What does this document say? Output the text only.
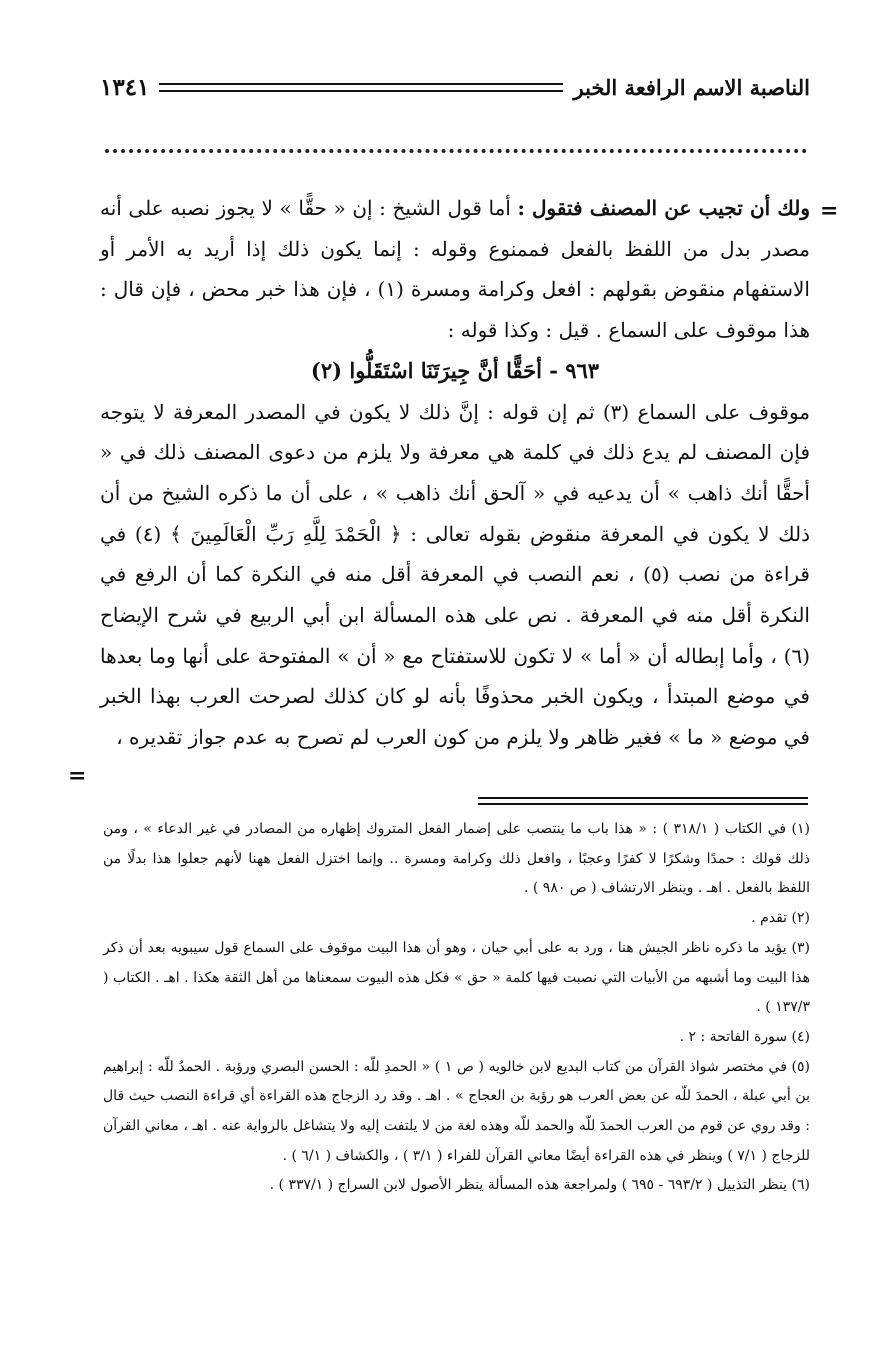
الناصبة الاسم الرافعة الخبر
١٣٤١
=

ولك أن تجيب عن المصنف فتقول : أما قول الشيخ : إن « حقًّا » لا يجوز نصبه على أنه مصدر بدل من اللفظ بالفعل فممنوع وقوله : إنما يكون ذلك إذا أريد به الأمر أو الاستفهام منقوض بقولهم : افعل وكرامة ومسرة (١) ، فإن هذا خبر محض ، فإن قال : هذا موقوف على السماع . قيل : وكذا قوله :

٩٦٣ - أحَقًّا أنَّ جِيرَتَنَا اسْتَقَلُّوا (٢)

موقوف على السماع (٣) ثم إن قوله : إنَّ ذلك لا يكون في المصدر المعرفة لا يتوجه فإن المصنف لم يدع ذلك في كلمة هي معرفة ولا يلزم من دعوى المصنف ذلك في « أحقًّا أنك ذاهب » أن يدعيه في « آلحق أنك ذاهب » ، على أن ما ذكره الشيخ من أن ذلك لا يكون في المعرفة منقوض بقوله تعالى : ﴿ الْحَمْدَ لِلَّهِ رَبِّ الْعَالَمِينَ ﴾ (٤) في قراءة من نصب (٥) ، نعم النصب في المعرفة أقل منه في النكرة كما أن الرفع في النكرة أقل منه في المعرفة . نص على هذه المسألة ابن أبي الربيع في شرح الإيضاح (٦) ، وأما إبطاله أن « أما » لا تكون للاستفتاح مع « أن » المفتوحة على أنها وما بعدها في موضع المبتدأ ، ويكون الخبر محذوفًا بأنه لو كان كذلك لصرحت العرب بهذا الخبر في موضع « ما » فغير ظاهر ولا يلزم من كون العرب لم تصرح به عدم جواز تقديره ،

=

(١) في الكتاب ( ٣١٨/١ ) : « هذا باب ما ينتصب على إضمار الفعل المتروك إظهاره من المصادر في غير الدعاء » ، ومن ذلك قولك : حمدًا وشكرًا لا كفرًا وعجبًا ، وافعل ذلك وكرامة ومسرة .. وإنما اختزل الفعل ههنا لأنهم جعلوا هذا بدلًا من اللفظ بالفعل . اهـ . وينظر الارتشاف ( ص ٩٨٠ ) .

(٢) تقدم .

(٣) يؤيد ما ذكره ناظر الجيش هنا ، ورد به على أبي حيان ، وهو أن هذا البيت موقوف على السماع قول سيبويه بعد أن ذكر هذا البيت وما أشبهه من الأبيات التي نصبت فيها كلمة « حق » فكل هذه البيوت سمعناها من أهل الثقة هكذا . اهـ . الكتاب ( ١٣٧/٣ ) .

(٤) سورة الفاتحة : ٢ .

(٥) في مختصر شواذ القرآن من كتاب البديع لابن خالويه ( ص ١ ) « الحمدِ للّه : الحسن البصري ورؤبة . الحمدُ للّه : إبراهيم بن أبي عبلة ، الحمدَ للّه عن بعض العرب هو رؤبة بن العجاج » . اهـ . وقد رد الزجاج هذه القراءة أي قراءة النصب حيث قال : وقد روي عن قوم من العرب الحمدَ للّه والحمد للّه وهذه لغة من لا يلتفت إليه ولا يتشاغل بالرواية عنه . اهـ ، معاني القرآن للزجاج ( ٧/١ ) وينظر في هذه القراءة أيضًا معاني القرآن للفراء ( ٣/١ ) ، والكشاف ( ٦/١ ) .

(٦) ينظر التذييل ( ٦٩٣/٢ - ٦٩٥ ) ولمراجعة هذه المسألة ينظر الأصول لابن السراج ( ٣٣٧/١ ) .
